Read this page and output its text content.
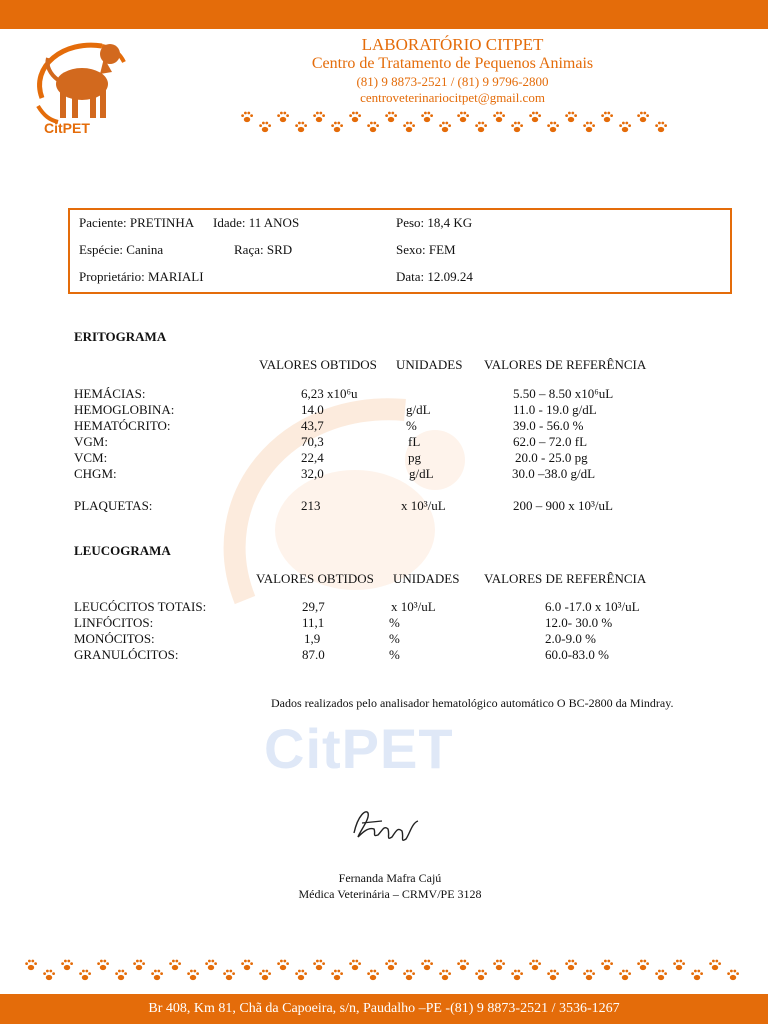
CitPET
LABORATÓRIO CITPET
Centro de Tratamento de Pequenos Animais
(81) 9 8873-2521 / (81) 9 9796-2800
centroveterinariocitpet@gmail.com
CitPET
Paciente: PRETINHA Idade: 11 ANOS	Peso: 18,4 KG
Espécie: Canina	Raça: SRD	Sexo: FEM
Proprietário: MARIALI	Data: 12.09.24
ERITOGRAMA
VALORES OBTIDOS UNIDADES VALORES DE REFERÊNCIA
HEMÁCIAS:	6,23 x10⁶u	5.50 – 8.50 x10⁶uL
HEMOGLOBINA:	14.0	g/dL	11.0 - 19.0 g/dL
HEMATÓCRITO:	43,7	%	39.0 - 56.0 %
VGM:	70,3	fL	62.0 – 72.0 fL
VCM:	22,4	pg	20.0 - 25.0 pg
CHGM:	32,0	g/dL	30.0 –38.0 g/dL
PLAQUETAS:	213	x 10³/uL	200 – 900 x 10³/uL
LEUCOGRAMA
VALORES OBTIDOS UNIDADES VALORES DE REFERÊNCIA
LEUCÓCITOS TOTAIS:	29,7	x 10³/uL	6.0 -17.0 x 10³/uL
LINFÓCITOS:	11,1	%	12.0- 30.0 %
MONÓCITOS:	1,9	%	2.0-9.0 %
GRANULÓCITOS:	87.0	%	60.0-83.0 %
Dados realizados pelo analisador hematológico automático O BC-2800 da Mindray.
Fernanda Mafra Cajú
Médica Veterinária – CRMV/PE 3128
Br 408, Km 81, Chã da Capoeira, s/n, Paudalho –PE -(81) 9 8873-2521 / 3536-1267
